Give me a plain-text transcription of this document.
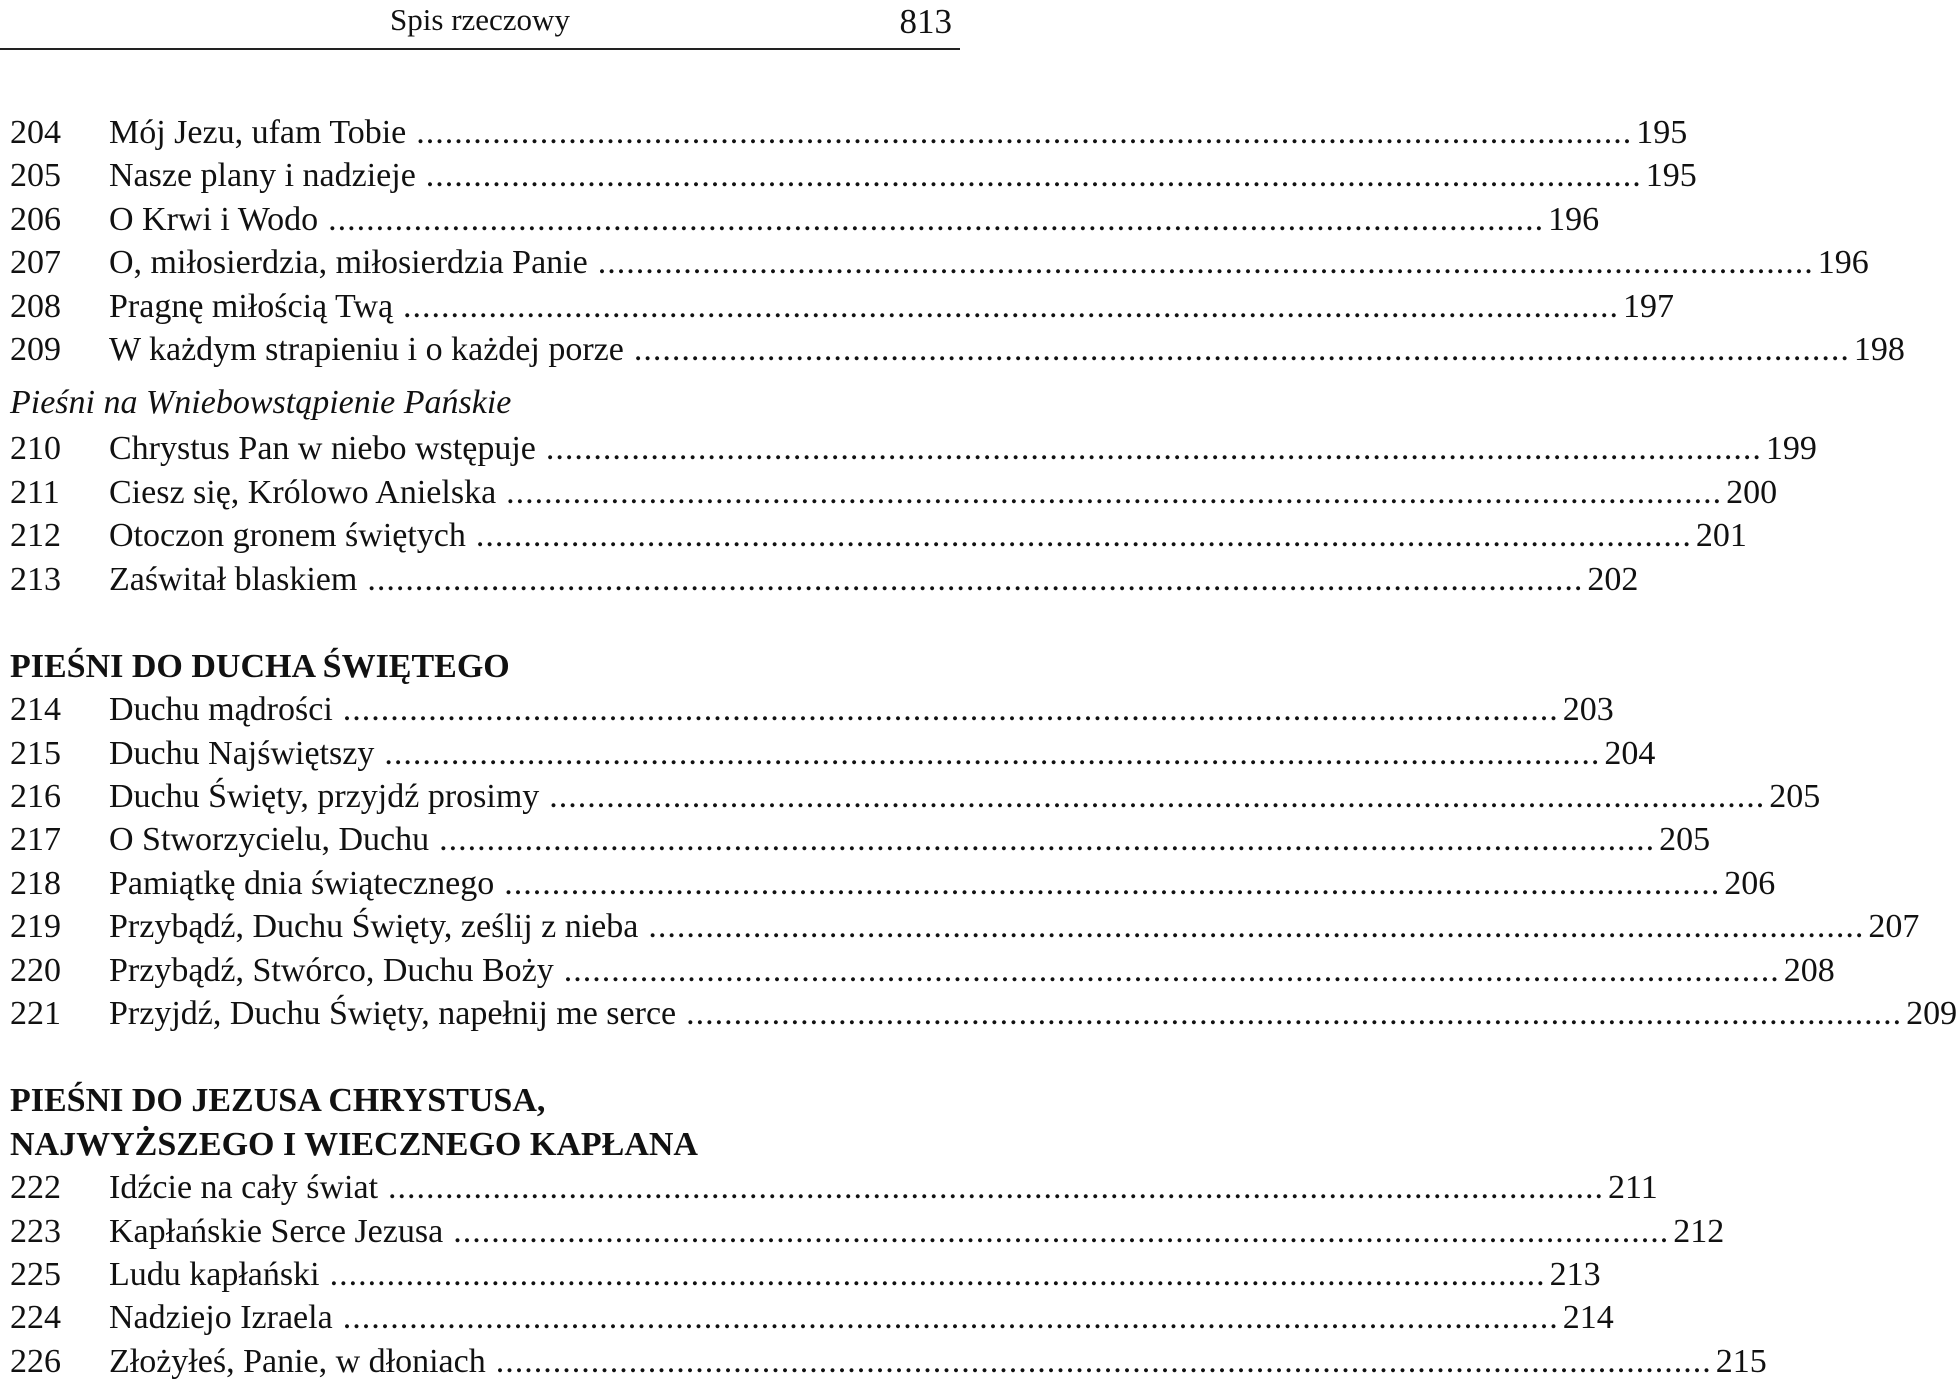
Spis rzeczowy	813
204	Mój Jezu, ufam Tobie ................................................................................................................................ 195
205	Nasze plany i nadzieje ................................................................................................................................ 195
206	O Krwi i Wodo ................................................................................................................................ 196
207	O, miłosierdzia, miłosierdzia Panie ................................................................................................................................ 196
208	Pragnę miłością Twą ................................................................................................................................ 197
209	W każdym strapieniu i o każdej porze ................................................................................................................................ 198
Pieśni na Wniebowstąpienie Pańskie
210	Chrystus Pan w niebo wstępuje ................................................................................................................................ 199
211	Ciesz się, Królowo Anielska ................................................................................................................................ 200
212	Otoczon gronem świętych ................................................................................................................................ 201
213	Zaświtał blaskiem ................................................................................................................................ 202
PIEŚNI DO DUCHA ŚWIĘTEGO
214	Duchu mądrości ................................................................................................................................ 203
215	Duchu Najświętszy ................................................................................................................................ 204
216	Duchu Święty, przyjdź prosimy ................................................................................................................................ 205
217	O Stworzycielu, Duchu ................................................................................................................................ 205
218	Pamiątkę dnia świątecznego ................................................................................................................................ 206
219	Przybądź, Duchu Święty, ześlij z nieba ................................................................................................................................ 207
220	Przybądź, Stwórco, Duchu Boży ................................................................................................................................ 208
221	Przyjdź, Duchu Święty, napełnij me serce ................................................................................................................................ 209
PIEŚNI DO JEZUSA CHRYSTUSA,
NAJWYŻSZEGO I WIECZNEGO KAPŁANA
222	Idźcie na cały świat ................................................................................................................................ 211
223	Kapłańskie Serce Jezusa ................................................................................................................................ 212
225	Ludu kapłański ................................................................................................................................ 213
224	Nadziejo Izraela ................................................................................................................................ 214
226	Złożyłeś, Panie, w dłoniach ................................................................................................................................ 215
